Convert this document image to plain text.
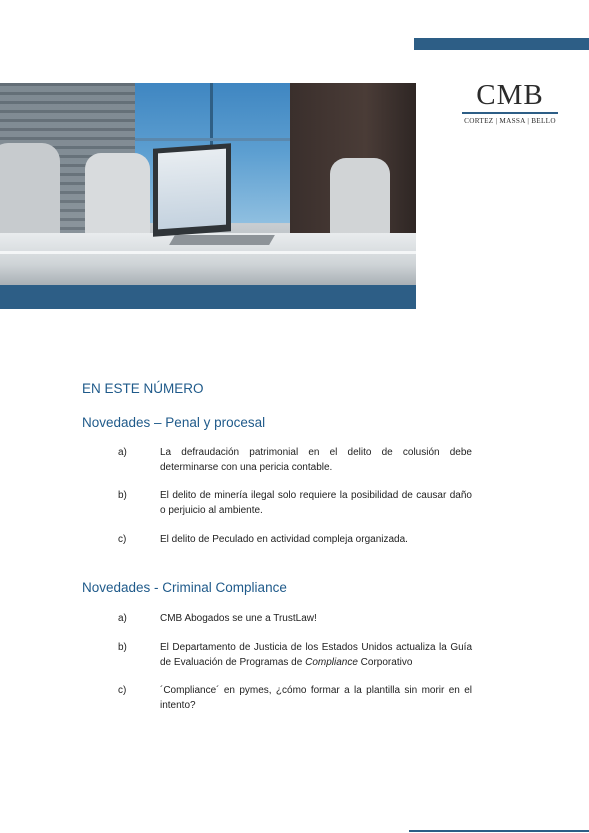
CMB
CORTEZ | MASSA | BELLO
EN ESTE NÚMERO
Novedades – Penal y procesal
a)	La defraudación patrimonial en el delito de colusión debe determinarse con una pericia contable.
b)	El delito de minería ilegal solo requiere la posibilidad de causar daño o perjuicio al ambiente.
c)	El delito de Peculado en actividad compleja organizada.
Novedades - Criminal Compliance
a)	CMB Abogados se une a TrustLaw!
b)	El Departamento de Justicia de los Estados Unidos actualiza la Guía de Evaluación de Programas de Compliance Corporativo
c)	´Compliance´ en pymes, ¿cómo formar a la plantilla sin morir en el intento?
